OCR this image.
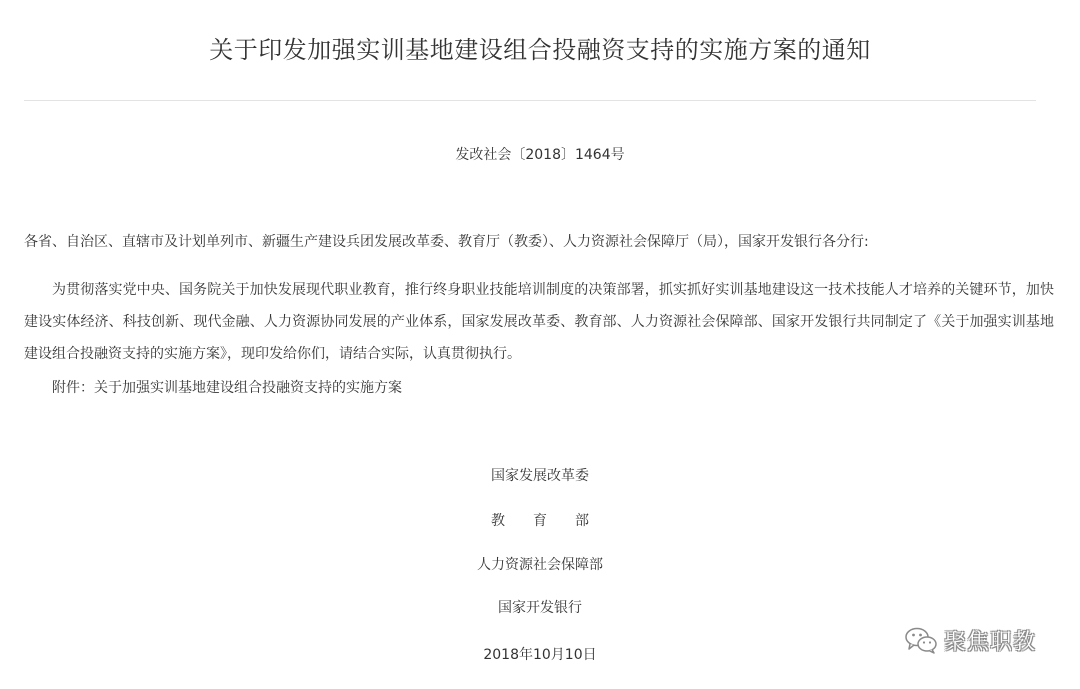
关于印发加强实训基地建设组合投融资支持的实施方案的通知
发改社会〔2018〕1464号
各省、自治区、直辖市及计划单列市、新疆生产建设兵团发展改革委、教育厅（教委）、人力资源社会保障厅（局），国家开发银行各分行:
为贯彻落实党中央、国务院关于加快发展现代职业教育，推行终身职业技能培训制度的决策部署，抓实抓好实训基地建设这一技术技能人才培养的关键环节，加快建设实体经济、科技创新、现代金融、人力资源协同发展的产业体系，国家发展改革委、教育部、人力资源社会保障部、国家开发银行共同制定了《关于加强实训基地建设组合投融资支持的实施方案》，现印发给你们，请结合实际，认真贯彻执行。
附件：关于加强实训基地建设组合投融资支持的实施方案
国家发展改革委
教　　育　　部
人力资源社会保障部
国家开发银行
2018年10月10日
聚焦职教
